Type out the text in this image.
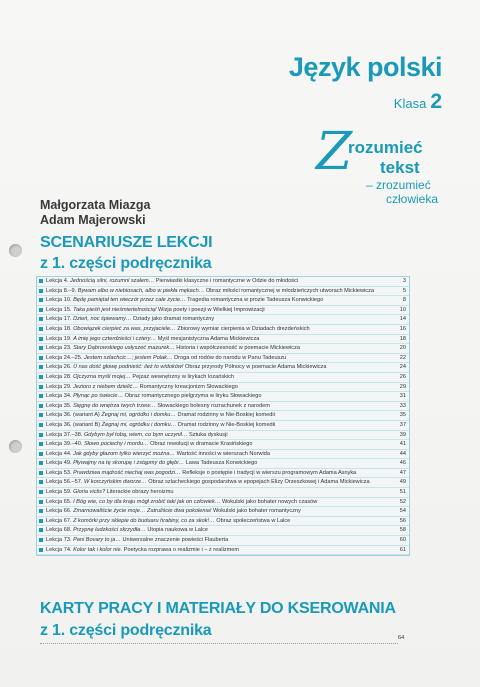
Język polski
Klasa 2
Z
rozumieć
tekst
– zrozumieć
człowieka
Małgorzata Miazga
Adam Majerowski
SCENARIUSZE LEKCJI
z 1. części podręcznika
Lekcja 4. Jednością silni, rozumni szałem… Pierwiastki klasyczne i romantyczne w Odzie do młodości	3
Lekcja 8.–9. Bywam albo w niebiosach, albo w piekła mękach… Obraz miłości romantycznej w młodzieńczych utworach Mickiewicza	5
Lekcja 10. Będę pamiętał ten wieczór przez całe życie… Tragedia romantyczna w prozie Tadeusza Konwickiego	8
Lekcja 15. Taka pieśń jest nieśmiertelnością! Wizja poety i poezji w Wielkiej Improwizacji	10
Lekcja 17. Dzień, noc śpiewamy… Dziady jako dramat romantyczny	14
Lekcja 18. Obowiązek cierpieć za was, przyjaciele… Zbiorowy wymiar cierpienia w Dziadach drezdeńskich	16
Lekcja 19. A imię jego czterdzieści i cztery… Myśl mesjanistyczna Adama Mickiewicza	18
Lekcja 23. Stary Dąbrowskiego usłyszeć mazurek… Historia i współczesność w poemacie Mickiewicza	20
Lekcja 24.–25. Jestem szlachcic…; jestem Polak… Droga od rodów do narodu w Panu Tadeuszu	22
Lekcja 26. U nas dość głowę podnieść: ileż to widoków! Obraz przyrody Północy w poemacie Adama Mickiewicza	24
Lekcja 28. Ojczyzna myśli mojej… Pejzaż wewnętrzny w lirykach lozańskich	26
Lekcja 29. Jezioro z niebem dzielić… Romantyczny kreacjonizm Słowackiego	29
Lekcja 34. Płynąc po świecie… Obraz romantycznego pielgrzyma w liryku Słowackiego	31
Lekcja 35. Sięgnę do wnętrza twych trzew… Słowackiego bolesny rozrachunek z narodem	33
Lekcja 36. (wariant A) Żegnaj mi, ogródku i domku… Dramat rodzinny w Nie-Boskiej komedii	35
Lekcja 36. (wariant B) Żegnaj mi, ogródku i domku… Dramat rodzinny w Nie-Boskiej komedii	37
Lekcja 37.–38. Gdybym był tobą, wiem, co bym uczynił… Sztuka dyskusji	39
Lekcja 39.–40. Słowo pociechy i mordu… Obraz rewolucji w dramacie Krasińskiego	41
Lekcja 44. Jak gdyby głazom tylko wierzyć można… Wartość inności w wierszach Norwida	44
Lekcja 49. Pływajmy na tę skorupę i zstąpmy do głębi… Lawa Tadeusza Konwickiego	46
Lekcja 53. Prawdziwa mądrość niechaj was pogodzi… Refleksje o postępie i tradycji w wierszu programowym Adama Asnyka	47
Lekcja 56.–57. W korczyńskim dworze… Obraz szlacheckiego gospodarstwa w epopejach Elizy Orzeszkowej i Adama Mickiewicza	49
Lekcja 59. Gloria victis? Literackie obrazy heroizmu	51
Lekcja 65. I Bóg wie, co by dla kraju mógł zrobić taki jak on człowiek… Wokulski jako bohater nowych czasów	52
Lekcja 66. Zmarnowaliście życie moje… Zatruliście dwa pokolenia! Wokulski jako bohater romantyczny	54
Lekcja 67. Z komórki przy sklepie do buduaru hrabiny, co za skok!… Obraz społeczeństwa w Lalce	56
Lekcja 68. Przypnę ludzkości skrzydła… Utopia naukowa w Lalce	58
Lekcja 73. Pani Bovary to ja… Uniwersalne znaczenie powieści Flauberta	60
Lekcja 74. Kolor tak i kolor nie. Poetycka rozprawa o realizmie i – z realizmem	61
KARTY PRACY I MATERIAŁY DO KSEROWANIA
z 1. części podręcznika	64
